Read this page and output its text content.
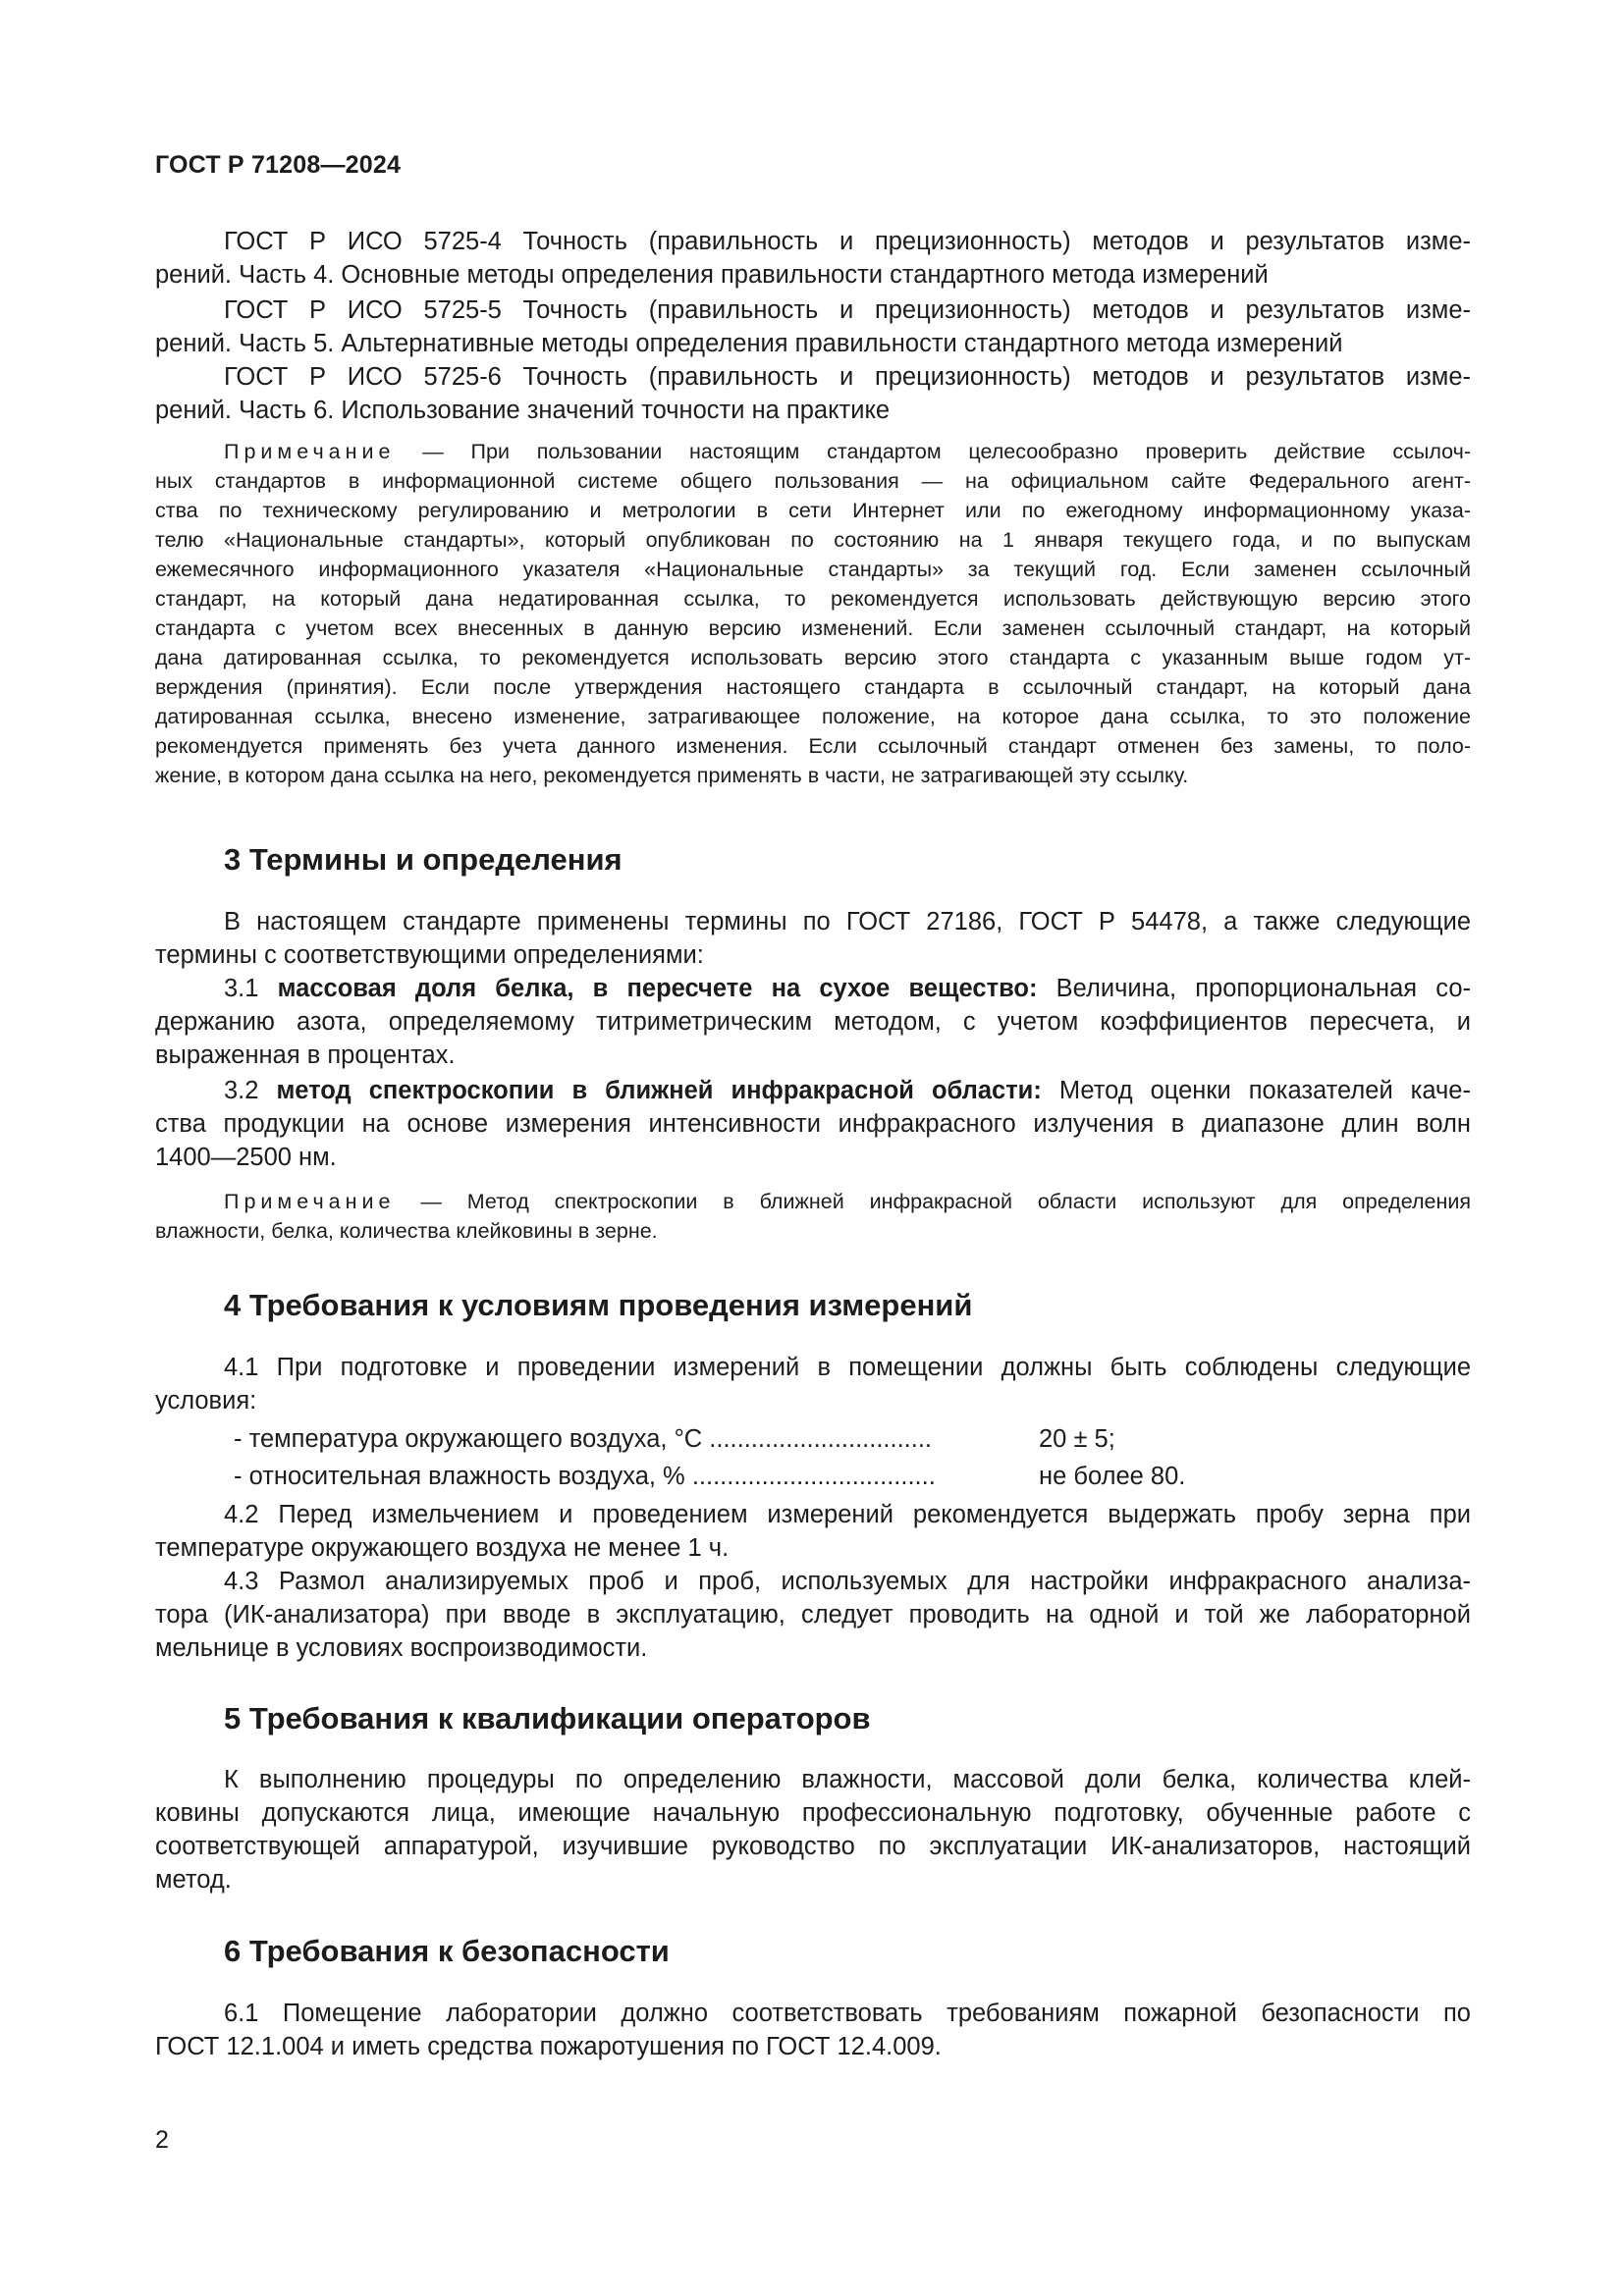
ГОСТ Р 71208—2024
ГОСТ Р ИСО 5725-4 Точность (правильность и прецизионность) методов и результатов изме-
рений. Часть 4. Основные методы определения правильности стандартного метода измерений
ГОСТ Р ИСО 5725-5 Точность (правильность и прецизионность) методов и результатов изме-
рений. Часть 5. Альтернативные методы определения правильности стандартного метода измерений
ГОСТ Р ИСО 5725-6 Точность (правильность и прецизионность) методов и результатов изме-
рений. Часть 6. Использование значений точности на практике
Примечание — При пользовании настоящим стандартом целесообразно проверить действие ссылоч-
ных стандартов в информационной системе общего пользования — на официальном сайте Федерального агент-
ства по техническому регулированию и метрологии в сети Интернет или по ежегодному информационному указа-
телю «Национальные стандарты», который опубликован по состоянию на 1 января текущего года, и по выпускам
ежемесячного информационного указателя «Национальные стандарты» за текущий год. Если заменен ссылочный
стандарт, на который дана недатированная ссылка, то рекомендуется использовать действующую версию этого
стандарта с учетом всех внесенных в данную версию изменений. Если заменен ссылочный стандарт, на который
дана датированная ссылка, то рекомендуется использовать версию этого стандарта с указанным выше годом ут-
верждения (принятия). Если после утверждения настоящего стандарта в ссылочный стандарт, на который дана
датированная ссылка, внесено изменение, затрагивающее положение, на которое дана ссылка, то это положение
рекомендуется применять без учета данного изменения. Если ссылочный стандарт отменен без замены, то поло-
жение, в котором дана ссылка на него, рекомендуется применять в части, не затрагивающей эту ссылку.
3 Термины и определения
В настоящем стандарте применены термины по ГОСТ 27186, ГОСТ Р 54478, а также следующие
термины с соответствующими определениями:
3.1 массовая доля белка, в пересчете на сухое вещество: Величина, пропорциональная со-
держанию азота, определяемому титриметрическим методом, с учетом коэффициентов пересчета, и
выраженная в процентах.
3.2 метод спектроскопии в ближней инфракрасной области: Метод оценки показателей каче-
ства продукции на основе измерения интенсивности инфракрасного излучения в диапазоне длин волн
1400—2500 нм.
Примечание — Метод спектроскопии в ближней инфракрасной области используют для определения
влажности, белка, количества клейковины в зерне.
4 Требования к условиям проведения измерений
4.1 При подготовке и проведении измерений в помещении должны быть соблюдены следующие
условия:
- температура окружающего воздуха, °С ................................	20 ± 5;
- относительная влажность воздуха, % ...................................	не более 80.
4.2 Перед измельчением и проведением измерений рекомендуется выдержать пробу зерна при
температуре окружающего воздуха не менее 1 ч.
4.3 Размол анализируемых проб и проб, используемых для настройки инфракрасного анализа-
тора (ИК-анализатора) при вводе в эксплуатацию, следует проводить на одной и той же лабораторной
мельнице в условиях воспроизводимости.
5 Требования к квалификации операторов
К выполнению процедуры по определению влажности, массовой доли белка, количества клей-
ковины допускаются лица, имеющие начальную профессиональную подготовку, обученные работе с
соответствующей аппаратурой, изучившие руководство по эксплуатации ИК-анализаторов, настоящий
метод.
6 Требования к безопасности
6.1 Помещение лаборатории должно соответствовать требованиям пожарной безопасности по
ГОСТ 12.1.004 и иметь средства пожаротушения по ГОСТ 12.4.009.
2
